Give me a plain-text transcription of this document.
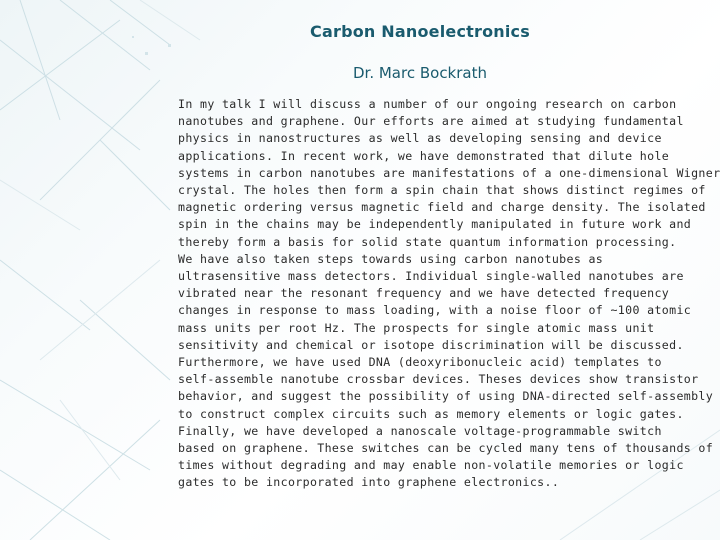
Carbon Nanoelectronics
Dr. Marc Bockrath
In my talk I will discuss a number of our ongoing research on carbon
nanotubes and graphene. Our efforts are aimed at studying fundamental
physics in nanostructures as well as developing sensing and device
applications. In recent work, we have demonstrated that dilute hole
systems in carbon nanotubes are manifestations of a one-dimensional Wigner
crystal. The holes then form a spin chain that shows distinct regimes of
magnetic ordering versus magnetic field and charge density. The isolated
spin in the chains may be independently manipulated in future work and
thereby form a basis for solid state quantum information processing.
We have also taken steps towards using carbon nanotubes as
ultrasensitive mass detectors. Individual single-walled nanotubes are
vibrated near the resonant frequency and we have detected frequency
changes in response to mass loading, with a noise floor of ~100 atomic
mass units per root Hz. The prospects for single atomic mass unit
sensitivity and chemical or isotope discrimination will be discussed.
Furthermore, we have used DNA (deoxyribonucleic acid) templates to
self-assemble nanotube crossbar devices. Theses devices show transistor
behavior, and suggest the possibility of using DNA-directed self-assembly
to construct complex circuits such as memory elements or logic gates.
Finally, we have developed a nanoscale voltage-programmable switch
based on graphene. These switches can be cycled many tens of thousands of
times without degrading and may enable non-volatile memories or logic
gates to be incorporated into graphene electronics..
